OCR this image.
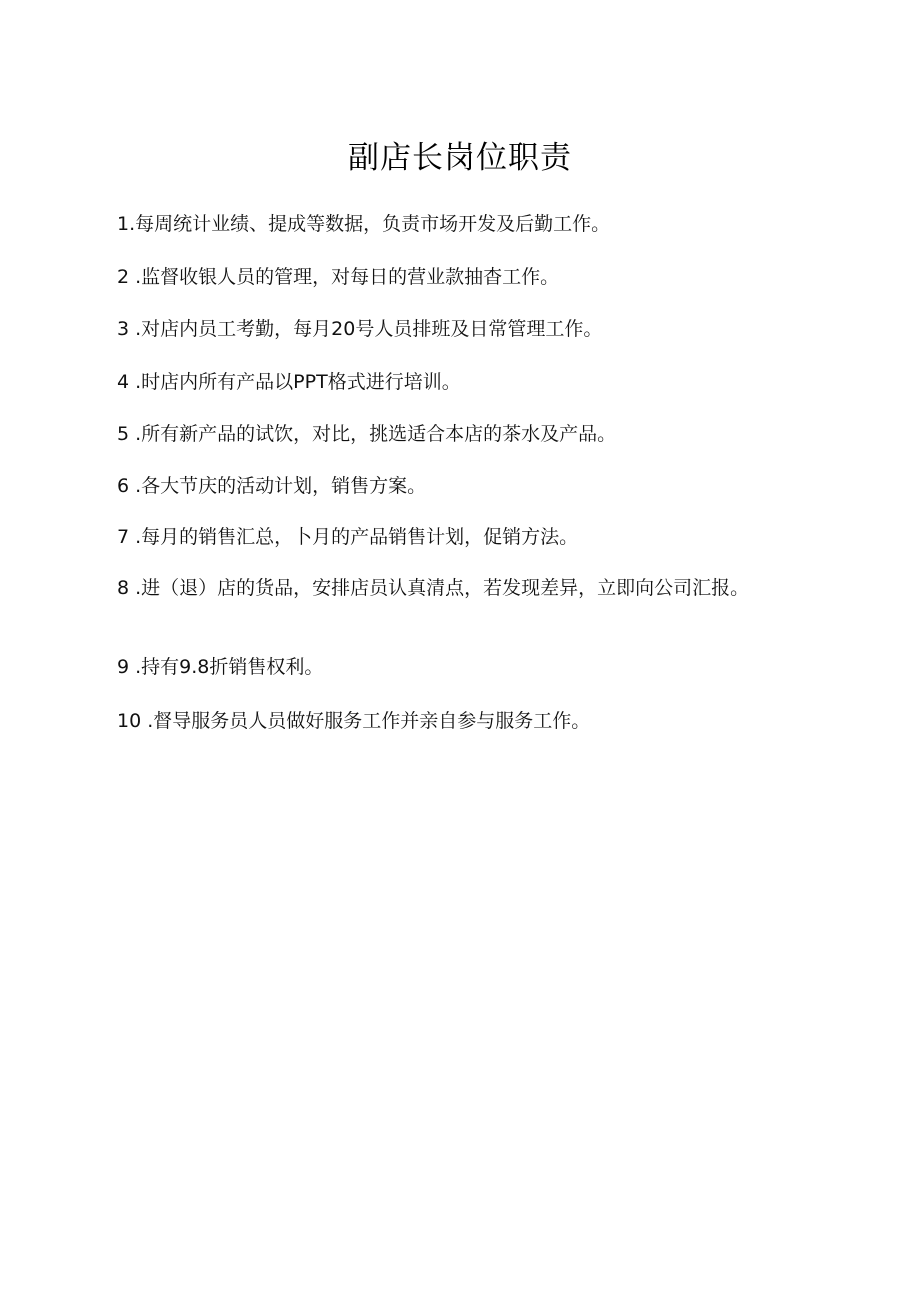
副店长岗位职责
1.每周统计业绩、提成等数据，负责市场开发及后勤工作。
2 .监督收银人员的管理，对每日的营业款抽杳工作。
3 .对店内员工考勤，每月20号人员排班及日常管理工作。
4 .时店内所有产品以PPT格式进行培训。
5 .所有新产品的试饮，对比，挑选适合本店的茶水及产品。
6 .各大节庆的活动计划，销售方案。
7 .每月的销售汇总，卜月的产品销售计划，促销方法。
8 .进（退）店的货品，安排店员认真清点，若发现差异，立即向公司汇报。
9 .持有9.8折销售权利。
10 .督导服务员人员做好服务工作并亲自参与服务工作。
